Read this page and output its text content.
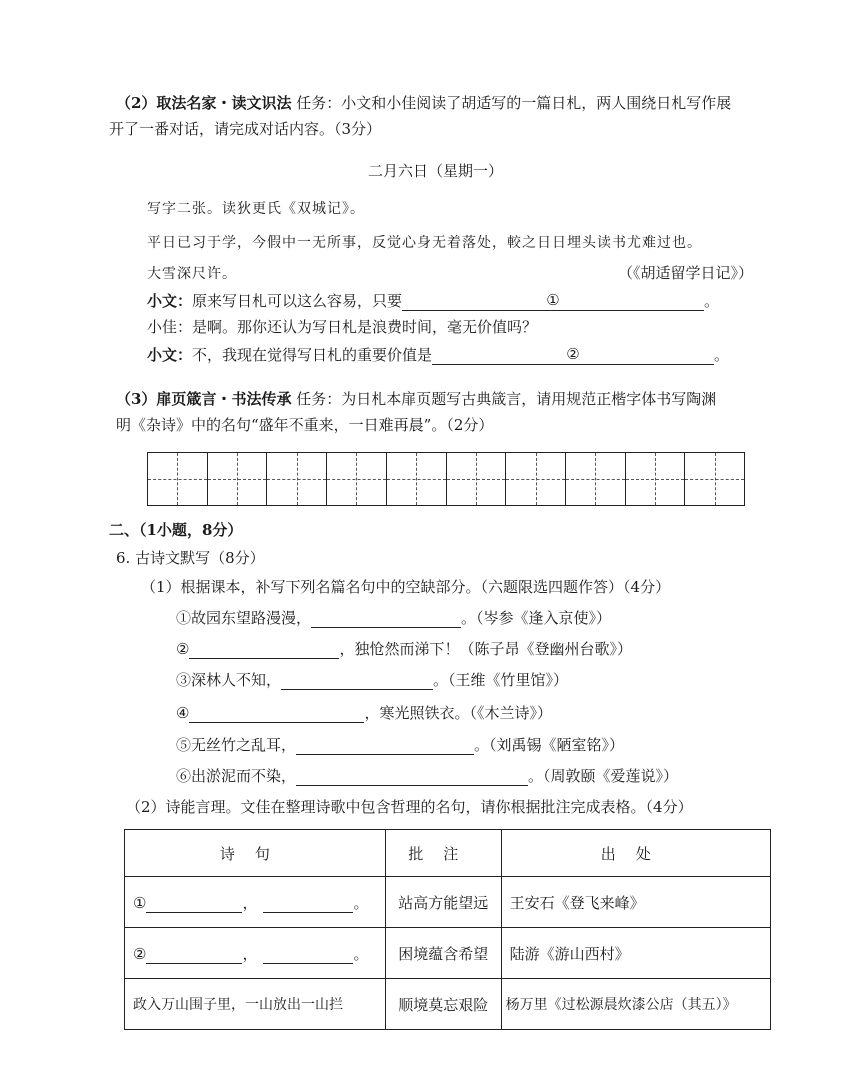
（2）取法名家・读文识法 任务：小文和小佳阅读了胡适写的一篇日札，两人围绕日札写作展
开了一番对话，请完成对话内容。（3分）
二月六日（星期一）
写字二张。读狄更氏《双城记》。
平日已习于学，今假中一无所事，反觉心身无着落处，較之日日埋头读书尤难过也。
大雪深尺许。	（《胡适留学日记》）
小文：原来写日札可以这么容易，只要	①	。
小佳：是啊。那你还认为写日札是浪费时间，毫无价值吗？
小文：不，我现在觉得写日札的重要价值是	②	。
（3）扉页箴言・书法传承 任务：为日札本扉页题写古典箴言，请用规范正楷字体书写陶渊
明《杂诗》中的名句“盛年不重来，一日难再晨”。（2分）
二、（1小题，8分）
6. 古诗文默写（8分）
（1）根据课本，补写下列名篇名句中的空缺部分。（六题限选四题作答）（4分）
①故园东望路漫漫，	。（岑参《逢入京使》）
②	，独怆然而涕下！（陈子昂《登幽州台歌》）
③深林人不知，	。（王维《竹里馆》）
④	，寒光照铁衣。（《木兰诗》）
⑤无丝竹之乱耳，	。（刘禹锡《陋室铭》）
⑥出淤泥而不染，	。（周敦颐《爱莲说》）
（2）诗能言理。文佳在整理诗歌中包含哲理的名句，请你根据批注完成表格。（4分）
诗句	批注	出处
① ， 。	站高方能望远	王安石《登飞来峰》
② ， 。	困境蕴含希望	陆游《游山西村》
政入万山围子里，一山放出一山拦	顺境莫忘艰险	杨万里《过松源晨炊漆公店（其五）》
